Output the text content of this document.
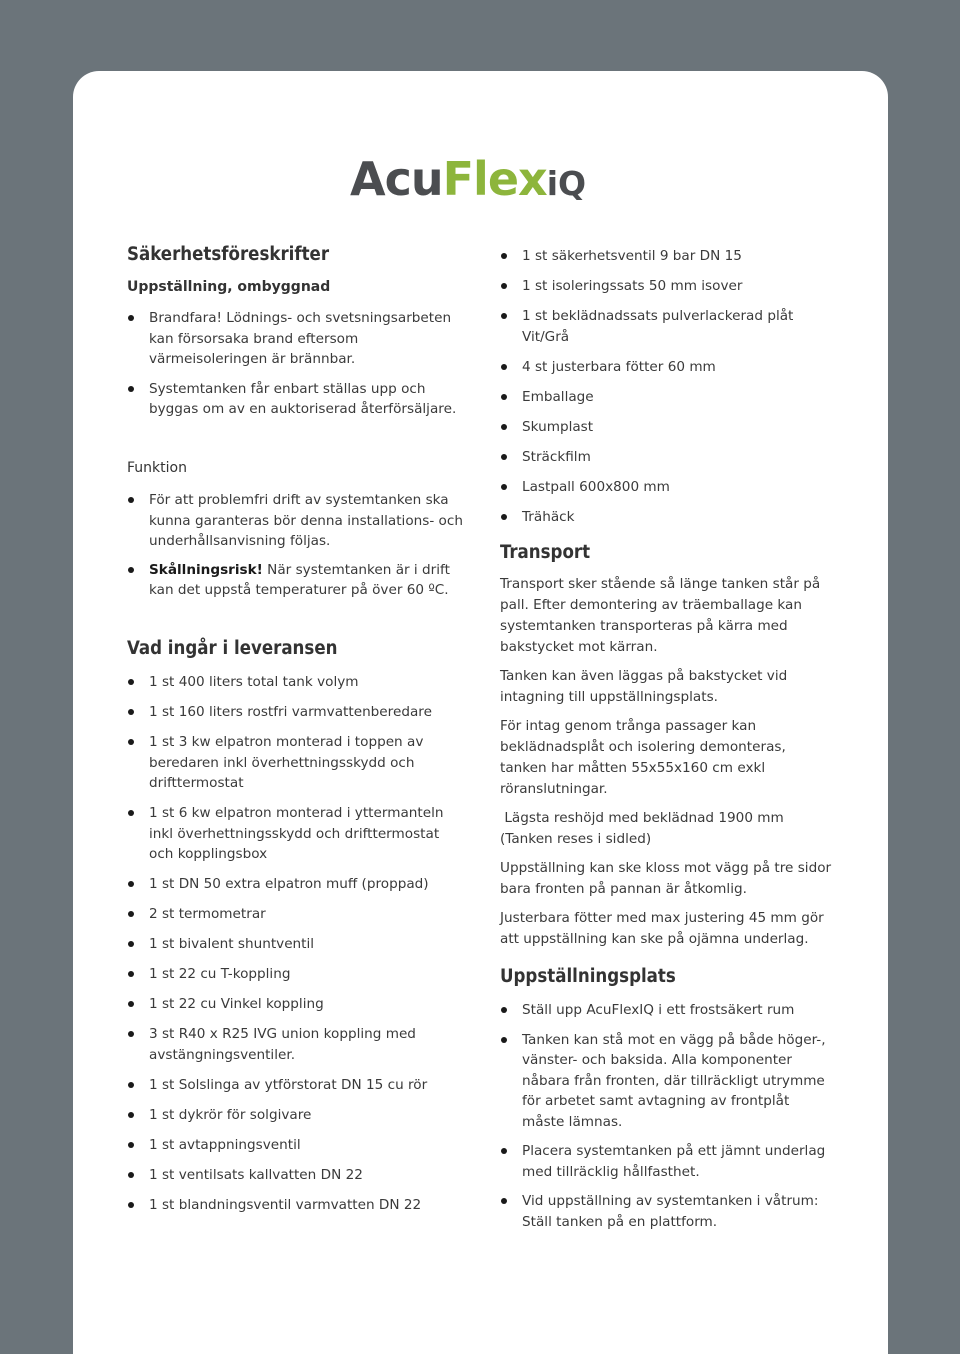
AcuFlexiQ
Säkerhetsföreskrifter
Uppställning, ombyggnad
Brandfara! Lödnings- och svetsningsarbeten kan försorsaka brand eftersom värmeisoleringen är brännbar.
Systemtanken får enbart ställas upp och byggas om av en auktoriserad återförsäljare.
Funktion
För att problemfri drift av systemtanken ska kunna garanteras bör denna installations- och underhållsanvisning följas.
Skållningsrisk! När systemtanken är i drift kan det uppstå temperaturer på över 60 ºC.
Vad ingår i leveransen
1 st 400 liters total tank volym
1 st 160 liters rostfri varmvattenberedare
1 st 3 kw elpatron monterad i toppen av beredaren inkl överhettningsskydd och drifttermostat
1 st 6 kw elpatron monterad i yttermanteln inkl överhettningsskydd och drifttermostat och kopplingsbox
1 st DN 50 extra elpatron muff (proppad)
2 st termometrar
1 st bivalent shuntventil
1 st 22 cu T-koppling
1 st 22 cu Vinkel koppling
3 st R40 x R25 IVG union koppling med avstängningsventiler.
1 st Solslinga av ytförstorat DN 15 cu rör
1 st dykrör för solgivare
1 st avtappningsventil
1 st ventilsats kallvatten DN 22
1 st blandningsventil varmvatten DN 22
1 st säkerhetsventil 9 bar DN 15
1 st isoleringssats 50 mm isover
1 st beklädnadssats pulverlackerad plåt Vit/Grå
4 st justerbara fötter 60 mm
Emballage
Skumplast
Sträckfilm
Lastpall 600x800 mm
Trähäck
Transport

Transport sker stående så länge tanken står på pall. Efter demontering av träemballage kan systemtanken transporteras på kärra med bakstycket mot kärran.

Tanken kan även läggas på bakstycket vid intagning till uppställningsplats.

För intag genom trånga passager kan beklädnadsplåt och isolering demonteras, tanken har måtten 55x55x160 cm exkl röranslutningar.

Lägsta reshöjd med beklädnad 1900 mm (Tanken reses i sidled)

Uppställning kan ske kloss mot vägg på tre sidor bara fronten på pannan är åtkomlig.

Justerbara fötter med max justering 45 mm gör att uppställning kan ske på ojämna underlag.

Uppställningsplats
Ställ upp AcuFlexIQ i ett frostsäkert rum
Tanken kan stå mot en vägg på både höger-, vänster- och baksida. Alla komponenter nåbara från fronten, där tillräckligt utrymme för arbetet samt avtagning av frontplåt måste lämnas.
Placera systemtanken på ett jämnt underlag med tillräcklig hållfasthet.
Vid uppställning av systemtanken i våtrum: Ställ tanken på en plattform.
